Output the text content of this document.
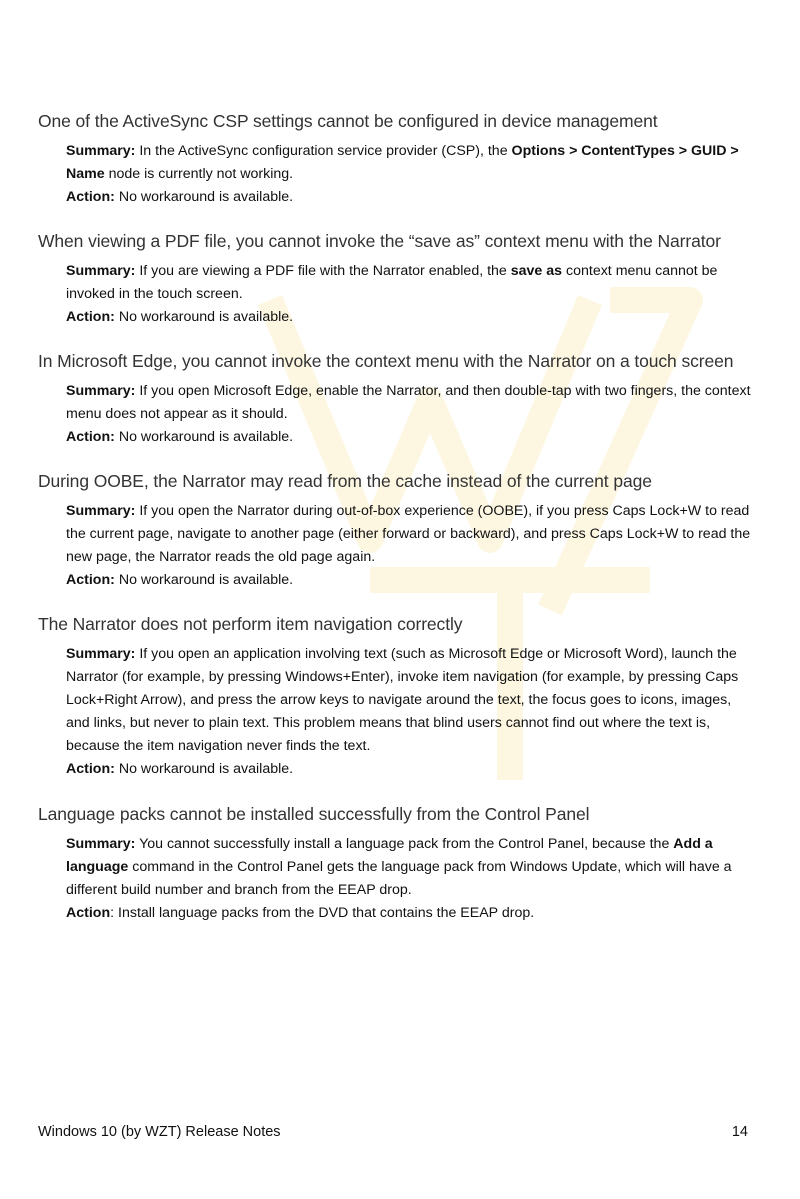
One of the ActiveSync CSP settings cannot be configured in device management

Summary: In the ActiveSync configuration service provider (CSP), the Options > ContentTypes > GUID > Name node is currently not working.

Action: No workaround is available.

When viewing a PDF file, you cannot invoke the “save as” context menu with the Narrator

Summary: If you are viewing a PDF file with the Narrator enabled, the save as context menu cannot be invoked in the touch screen.

Action: No workaround is available.

In Microsoft Edge, you cannot invoke the context menu with the Narrator on a touch screen

Summary: If you open Microsoft Edge, enable the Narrator, and then double-tap with two fingers, the context menu does not appear as it should.

Action: No workaround is available.

During OOBE, the Narrator may read from the cache instead of the current page

Summary: If you open the Narrator during out-of-box experience (OOBE), if you press Caps Lock+W to read the current page, navigate to another page (either forward or backward), and press Caps Lock+W to read the new page, the Narrator reads the old page again.

Action: No workaround is available.

The Narrator does not perform item navigation correctly

Summary: If you open an application involving text (such as Microsoft Edge or Microsoft Word), launch the Narrator (for example, by pressing Windows+Enter), invoke item navigation (for example, by pressing Caps Lock+Right Arrow), and press the arrow keys to navigate around the text, the focus goes to icons, images, and links, but never to plain text. This problem means that blind users cannot find out where the text is, because the item navigation never finds the text.

Action: No workaround is available.

Language packs cannot be installed successfully from the Control Panel

Summary: You cannot successfully install a language pack from the Control Panel, because the Add a language command in the Control Panel gets the language pack from Windows Update, which will have a different build number and branch from the EEAP drop.

Action: Install language packs from the DVD that contains the EEAP drop.

Windows 10 (by WZT) Release Notes	14
